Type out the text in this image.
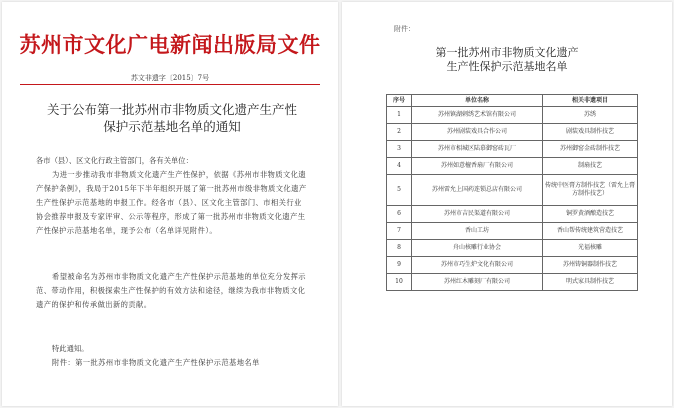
苏州市文化广电新闻出版局文件
苏文非遗字〔2015〕7号
关于公布第一批苏州市非物质文化遗产生产性
保护示范基地名单的通知
各市（县）、区文化行政主管部门，各有关单位：
为进一步推动我市非物质文化遗产生产性保护，依据《苏州市非物质文化遗产保护条例》，我局于2015年下半年组织开展了第一批苏州市级非物质文化遗产生产性保护示范基地的申报工作。经各市（县）、区文化主管部门、市相关行业协会推荐申报及专家评审、公示等程序，形成了第一批苏州市非物质文化遗产生产性保护示范基地名单，现予公布（名单详见附件）。
希望被命名为苏州市非物质文化遗产生产性保护示范基地的单位充分发挥示范、带动作用，积极探索生产性保护的有效方法和途径，继续为我市非物质文化遗产的保护和传承做出新的贡献。
特此通知。
附件：第一批苏州市非物质文化遗产生产性保护示范基地名单
附件：
第一批苏州市非物质文化遗产
生产性保护示范基地名单
序号	单位名称	相关非遗项目
1	苏州镇湖刺绣艺术馆有限公司	苏绣
2	苏州剧装戏具合作公司	剧装戏具制作技艺
3	苏州市相城区陆慕御窑砖瓦厂	苏州御窑金砖制作技艺
4	苏州如意檀香扇厂有限公司	制扇技艺
5	苏州雷允上国药连锁总店有限公司	传统中医膏方制作技艺（雷允上膏方制作技艺）
6	苏州市吉民渠道有限公司	铜罗黄酒酿造技艺
7	香山工坊	香山帮传统建筑营造技艺
8	舟山核雕行业协会	光福核雕
9	苏州市巧生炉文化有限公司	苏州铸铜器制作技艺
10	苏州红木雕刻厂有限公司	明式家具制作技艺
